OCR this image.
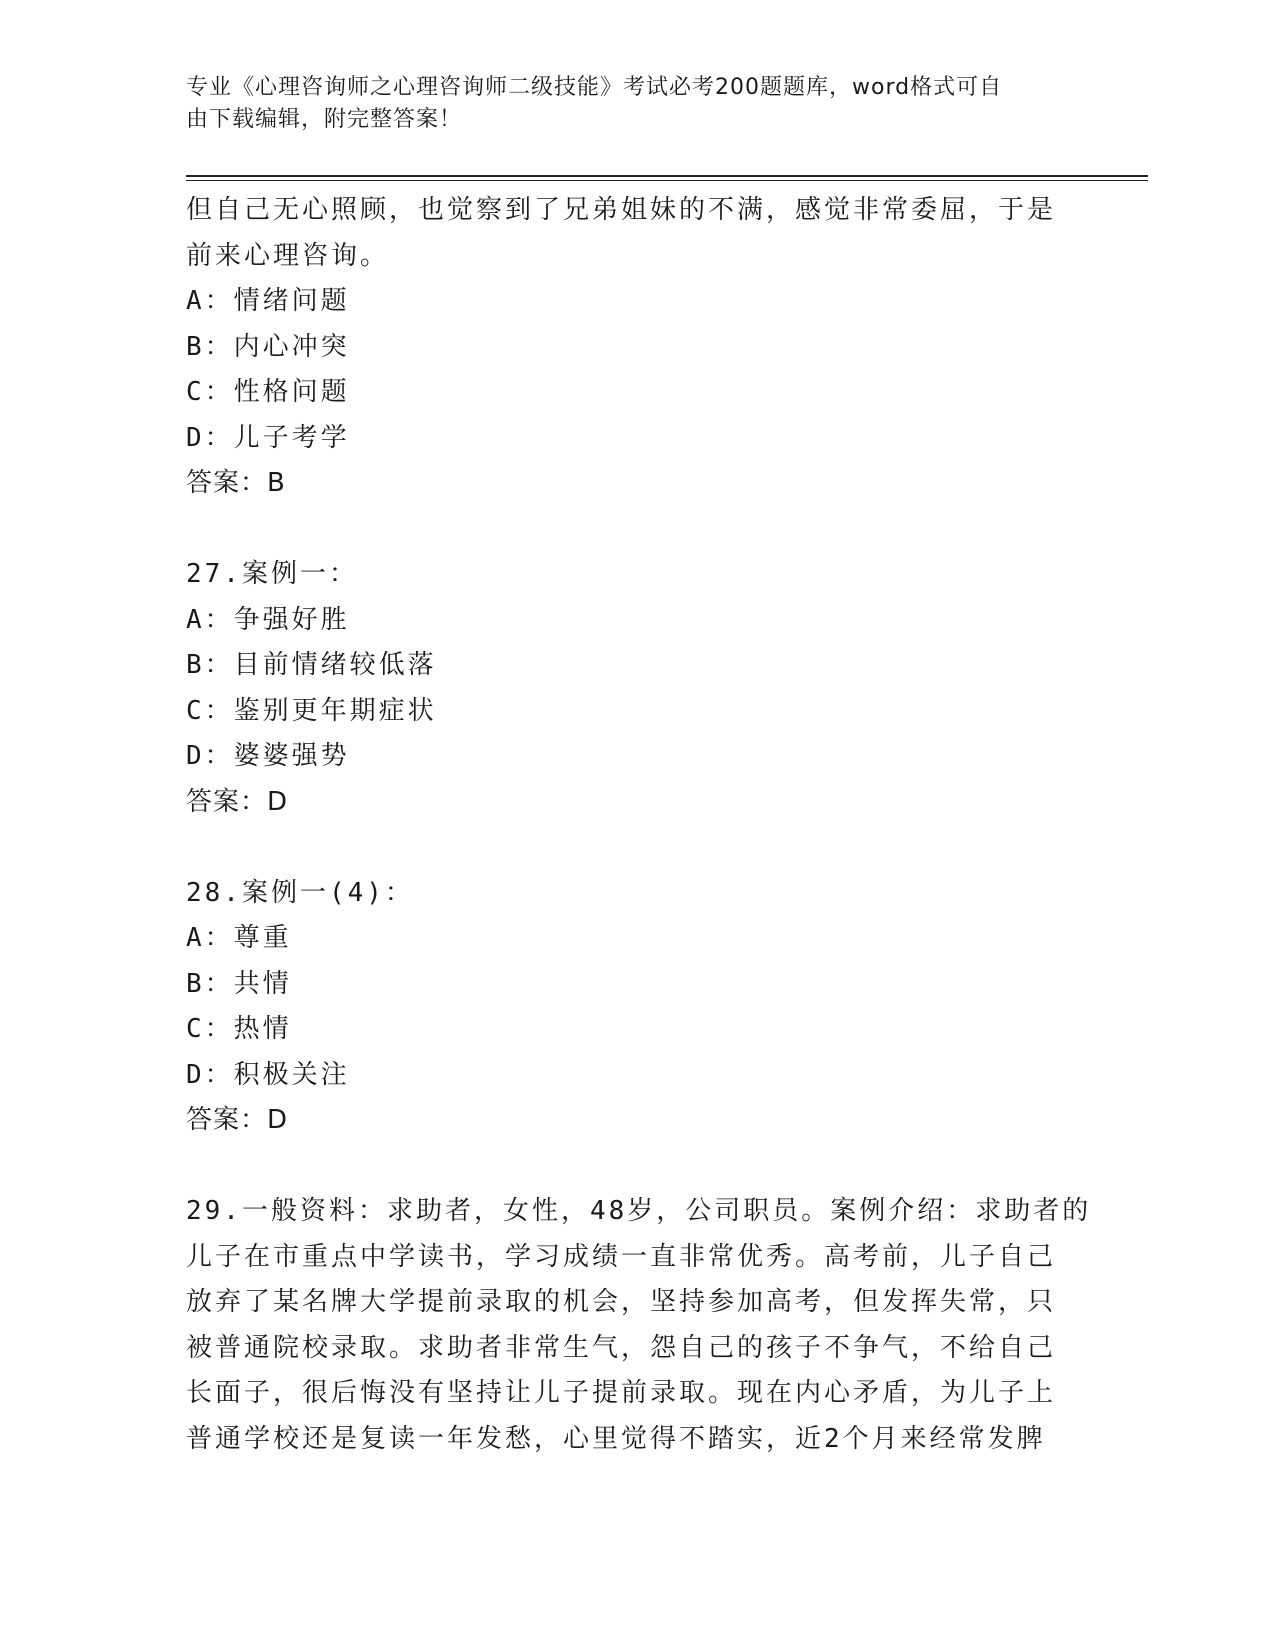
专业《心理咨询师之心理咨询师二级技能》考试必考200题题库，word格式可自
由下载编辑，附完整答案！
但自己无心照顾，也觉察到了兄弟姐妹的不满，感觉非常委屈，于是
前来心理咨询。
A：情绪问题
B：内心冲突
C：性格问题
D：儿子考学
答案：B
27.案例一：
A：争强好胜
B：目前情绪较低落
C：鉴别更年期症状
D：婆婆强势
答案：D
28.案例一(4)：
A：尊重
B：共情
C：热情
D：积极关注
答案：D
29.一般资料：求助者，女性，48岁，公司职员。案例介绍：求助者的
儿子在市重点中学读书，学习成绩一直非常优秀。高考前，儿子自己
放弃了某名牌大学提前录取的机会，坚持参加高考，但发挥失常，只
被普通院校录取。求助者非常生气，怨自己的孩子不争气，不给自己
长面子，很后悔没有坚持让儿子提前录取。现在内心矛盾，为儿子上
普通学校还是复读一年发愁，心里觉得不踏实，近2个月来经常发脾
